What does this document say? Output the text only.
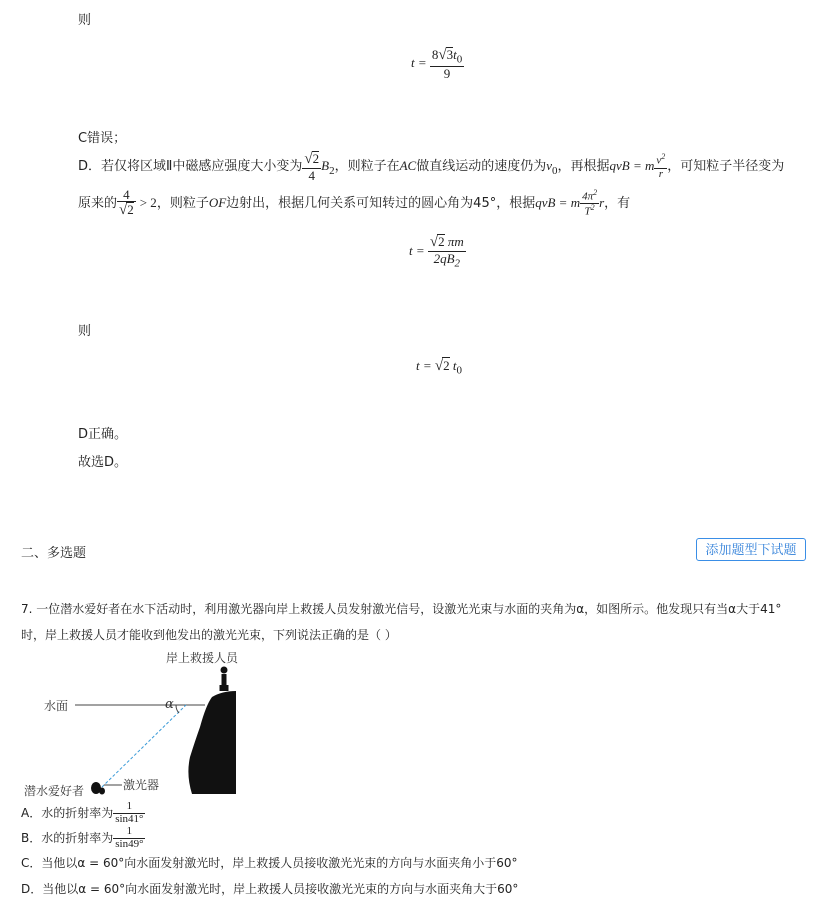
则
$t = \frac{8√3t_0}{9}$
C错误；
D．若仅将区域Ⅱ中磁感应强度大小变为 $\frac{√2}{4} B_2$，则粒子在AC做直线运动的速度仍为$v_0$，再根据qvB = m $\frac{v^2}{r}$ ，可知粒子半径变为
原来的 $\frac{4}{√2} > 2$，则粒子OF边射出，根据几何关系可知转过的圆心角为45°，根据qvB = m $\frac{4\pi^2}{T^2}$ r，有
$t = \frac{√2 \pi m}{2qB_2}$
则
t = √2 $t_0$
D正确。
故选D。
二、多选题	添加题型下试题
7. 一位潜水爱好者在水下活动时，利用激光器向岸上救援人员发射激光信号，设激光光束与水面的夹角为α，如图所示。他发现只有当α大于41°
时，岸上救援人员才能收到他发出的激光光束，下列说法正确的是（ ）
岸上救援人员
水面	α
潜水爱好者	激光器
A．水的折射率为 $\frac{1}{\sin 41^\circ}$
B．水的折射率为 $\frac{1}{\sin 49^\circ}$
C．当他以α = 60°向水面发射激光时，岸上救援人员接收激光光束的方向与水面夹角小于60°
D．当他以α = 60°向水面发射激光时，岸上救援人员接收激光光束的方向与水面夹角大于60°
